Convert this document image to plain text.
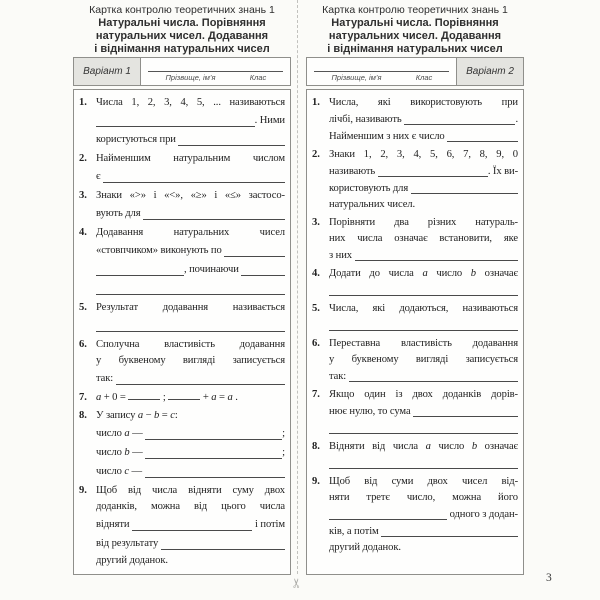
✂	3
Картка контролю теоретичних знань 1
Натуральні числа. Порівняння
натуральних чисел. Додавання
і віднімання натуральних чисел
Варіант 1
Прізвище, ім’я	Клас
1. Числа 1, 2, 3, 4, 5, ... називаються
. Ними
користуються при
2. Найменшим натуральним числом
є
3. Знаки «>» і «<», «≥» і «≤» застосо-
вують для
4. Додавання натуральних чисел
«стовпчиком» виконують по
, починаючи
5. Результат додавання називається
6. Сполучна властивість додавання
у буквеному вигляді записується
так:
7. a + 0 =	;	+ a = a .
8. У запису a − b = c:
число a —	;
число b —	;
число c —
9. Щоб від числа відняти суму двох
доданків, можна від цього числа
відняти	і потім
від результату
другий доданок.
Картка контролю теоретичних знань 1
Натуральні числа. Порівняння
натуральних чисел. Додавання
і віднімання натуральних чисел
Прізвище, ім’я	Клас
Варіант 2
1. Числа, які використовують при
лічбі, називають	.
Найменшим з них є число
2. Знаки 1, 2, 3, 4, 5, 6, 7, 8, 9, 0
називають	. Їх ви-
користовують для
натуральних чисел.
3. Порівняти два різних натураль-
них числа означає встановити, яке
з них
4. Додати до числа a число b означає
5. Числа, які додаються, називаються
6. Переставна властивість додавання
у буквеному вигляді записується
так:
7. Якщо один із двох доданків дорів-
нює нулю, то сума
8. Відняти від числа a число b означає
9. Щоб від суми двох чисел від-
няти третє число, можна його
одного з додан-
ків, а потім
другий доданок.
